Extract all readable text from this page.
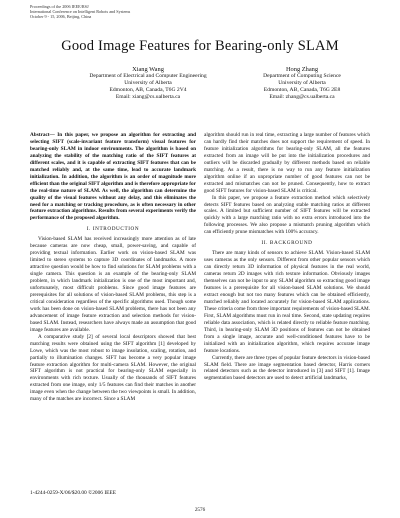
Proceedings of the 2006 IEEE/RSJ
International Conference on Intelligent Robots and Systems
October 9 - 15, 2006, Beijing, China
Good Image Features for Bearing-only SLAM
Xiang Wang
Department of Electrical and Computer Engineering
University of Alberta
Edmonton, AB, Canada, T6G 2V4
Email: xiang@cs.ualberta.ca
Hong Zhang
Department of Computing Science
University of Alberta
Edmonton, AB, Canada, T6G 2E8
Email: zhang@cs.ualberta.ca

Abstract— In this paper, we propose an algorithm for extracting and selecting SIFT (scale-invariant feature transform) visual features for bearing-only SLAM in indoor environments. The algorithm is based on analyzing the stability of the matching ratio of the SIFT features at different scales, and it is capable of extracting SIFT features that can be matched reliably and, at the same time, lead to accurate landmark initialization. In addition, the algorithm is an order of magnitude more efficient than the original SIFT algorithm and is therefore appropriate for the real-time nature of SLAM. As well, the algorithm can determine the quality of the visual features without any delay, and this eliminates the need for a matching or tracking procedure, as is often necessary in other feature extraction algorithms. Results from several experiments verify the performance of the proposed algorithm.

I. INTRODUCTION

Vision-based SLAM has received increasingly more attention as of late because cameras are now cheap, small, power-saving, and capable of providing textual information. Earlier work on vision-based SLAM was limited to stereo systems to capture 3D coordinates of landmarks. A more attractive question would be how to find solutions for SLAM problems with a single camera. This question is an example of the bearing-only SLAM problem, in which landmark initialization is one of the most important and, unfortunately, most difficult problems. Since good image features are prerequisites for all solutions of vision-based SLAM problems, this step is a critical consideration regardless of the specific algorithms used. Though some work has been done on vision-based SLAM problems, there has not been any advancement of image feature extraction and selection methods for vision-based SLAM. Instead, researchers have always made an assumption that good image features are available.

A comparative study [2] of several local descriptors showed that best matching results were obtained using the SIFT algorithm [1] developed by Lowe, which was the most robust to image insolation, scaling, rotation, and partially to illumination changes. SIFT has become a very popular image feature extraction algorithm for multi-camera SLAM. However, the original SIFT algorithm is not practical for bearing-only SLAM especially in environments with rich texture. Usually of the thousands of SIFT features extracted from one image, only 1/5 features can find their matches in another image even when the change between the two viewpoints is small. In addition, many of the matches are incorrect. Since a SLAM

algorithm should run in real time, extracting a large number of features which can hardly find their matches does not support the requirement of speed. In feature initialization algorithms for bearing-only SLAM, all the features extracted from an image will be put into the initialization procedures and outliers will be discarded gradually by different methods based on reliable matching. As a result, there is no way to run any feature initialization algorithm online if an unpropriate number of good features can not be extracted and mismatches can not be pruned. Consequently, how to extract good SIFT features for vision-based SLAM is critical.

In this paper, we propose a feature extraction method which selectively detects SIFT features based on analyzing stable matching ratios at different scales. A limited but sufficient number of SIFT features will be extracted quickly with a large matching ratio with no extra errors introduced into the following processes. We also propose a mismatch pruning algorithm which can efficiently prune mismatches with 100% accuracy.

II. BACKGROUND

There are many kinds of sensors to achieve SLAM. Vision-based SLAM uses cameras as the only sensors. Different from other popular sensors which can directly return 3D information of physical features in the real world, cameras return 2D images with rich texture information. Obviously images themselves can not be input to any SLAM algorithm so extracting good image features is a prerequisite for all vision-based SLAM solutions. We should extract enough but not too many features which can be obtained efficiently, matched reliably and located accurately for vision-based SLAM applications. These criteria come from three important requirements of vision-based SLAM. First, SLAM algorithms must run in real time. Second, state updating requires reliable data association, which is related directly to reliable feature matching. Third, in bearing-only SLAM 3D positions of features can not be obtained from a single image, accurate and well-conditioned features have to be initialized with an initialization algorithm, which requires accurate image feature locations.

Currently, there are three types of popular feature detectors in vision-based SLAM field. There are image segmentation based detector, Harris corners related detectors such as the detector introduced in [3] and SIFT [1]. Image segmentation based detectors are used to detect artificial landmarks,

1-4244-0259-X/06/$20.00 ©2006 IEEE
2576
